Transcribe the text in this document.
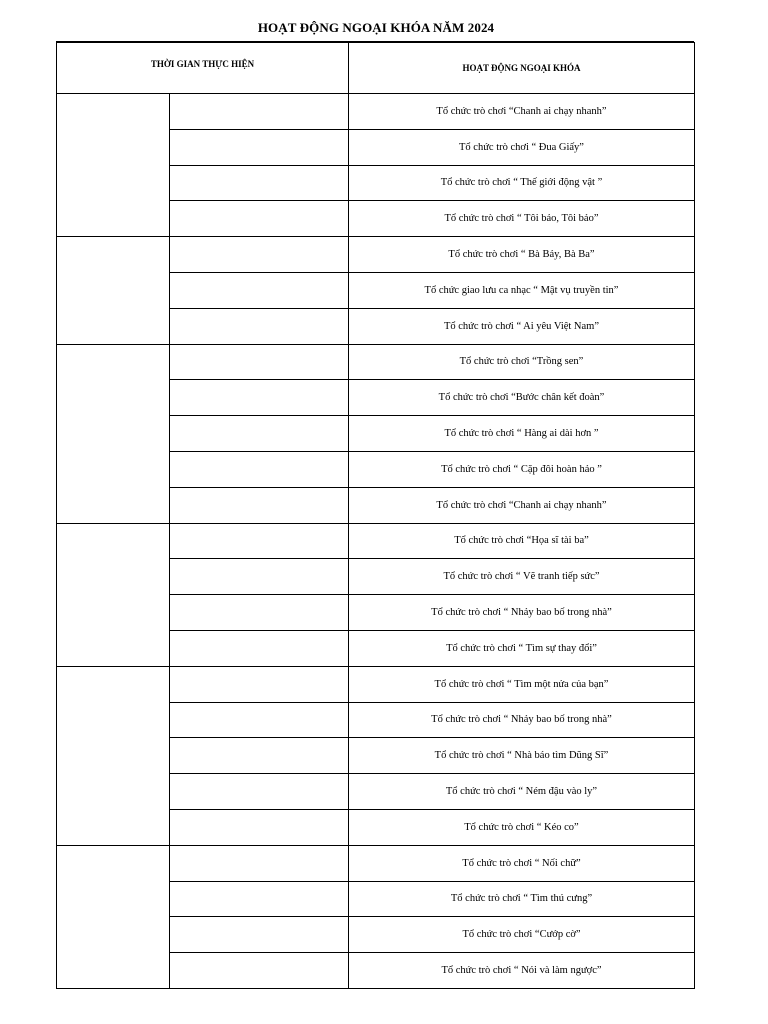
HOẠT ĐỘNG NGOẠI KHÓA NĂM 2024
THỜI GIAN THỰC HIỆN		HOẠT ĐỘNG NGOẠI KHÓA
		Tổ chức trò chơi “Chanh ai chạy nhanh”
		Tổ chức trò chơi “ Đua Giấy”
		Tổ chức trò chơi “ Thế giới động vật ”
		Tổ chức trò chơi “ Tôi bảo, Tôi bảo”
		Tổ chức trò chơi “ Bà Bảy, Bà Ba”
		Tổ chức giao lưu ca nhạc “ Mật vụ truyền tin”
		Tổ chức trò chơi “ Ai yêu Việt Nam”
		Tổ chức trò chơi “Trồng sen”
		Tổ chức trò chơi “Bước chân kết đoàn”
		Tổ chức trò chơi “ Hàng ai dài hơn ”
		Tổ chức trò chơi “ Cặp đôi hoàn hảo ”
		Tổ chức trò chơi “Chanh ai chạy nhanh”
		Tổ chức trò chơi “Họa sĩ tài ba”
		Tổ chức trò chơi “ Vẽ tranh tiếp sức”
		Tổ chức trò chơi “ Nhảy bao bố trong nhà”
		Tổ chức trò chơi “ Tìm sự thay đổi”
		Tổ chức trò chơi “ Tìm một nửa của bạn”
		Tổ chức trò chơi “ Nhảy bao bố trong nhà”
		Tổ chức trò chơi “ Nhà báo tìm Dũng Sĩ”
		Tổ chức trò chơi “ Ném đậu vào ly”
		Tổ chức trò chơi “ Kéo co”
		Tổ chức trò chơi “ Nối chữ”
		Tổ chức trò chơi “ Tìm thú cưng”
		Tổ chức trò chơi “Cướp cờ”
		Tổ chức trò chơi “ Nói và làm ngược”
